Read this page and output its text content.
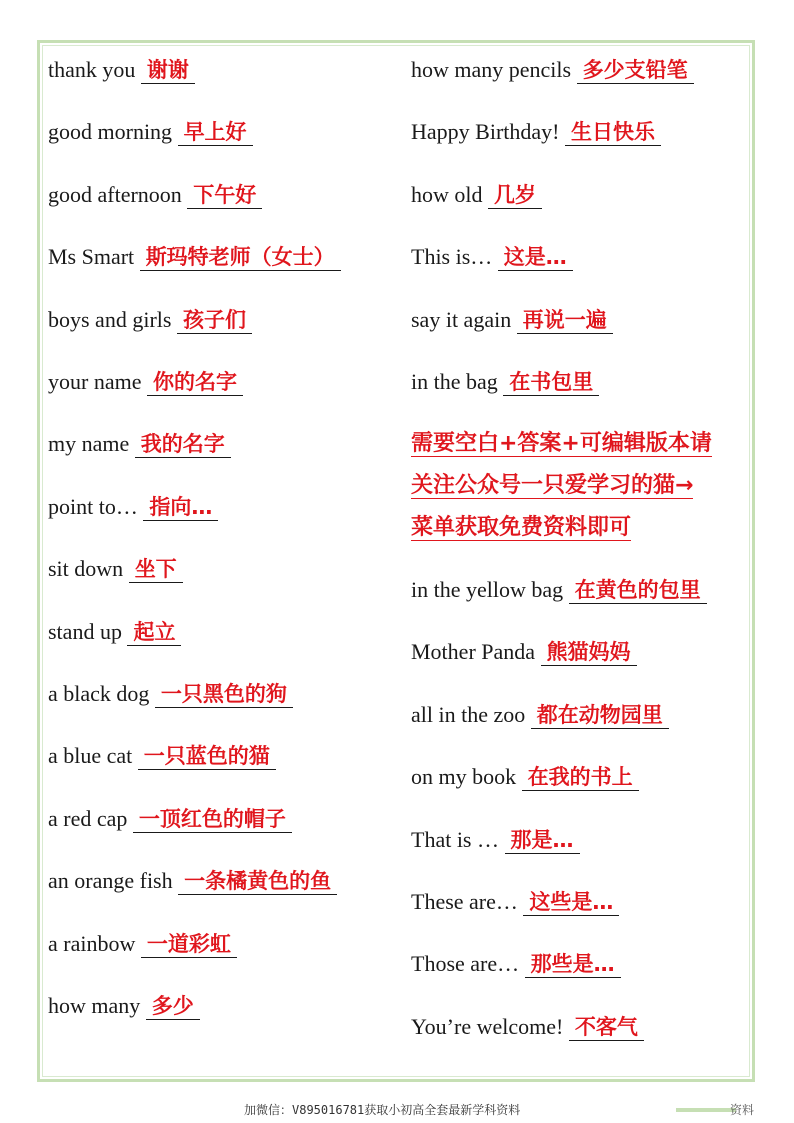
thank you 谢谢
good morning 早上好
good afternoon 下午好
Ms Smart 斯玛特老师（女士）
boys and girls 孩子们
your name 你的名字
my name 我的名字
point to… 指向…
sit down 坐下
stand up 起立
a black dog 一只黑色的狗
a blue cat 一只蓝色的猫
a red cap 一顶红色的帽子
an orange fish 一条橘黄色的鱼
a rainbow 一道彩虹
how many 多少
how many pencils 多少支铅笔
Happy Birthday! 生日快乐
how old 几岁
This is… 这是…
say it again 再说一遍
in the bag 在书包里
需要空白+答案+可编辑版本请
关注公众号一只爱学习的猫→
菜单获取免费资料即可
in the yellow bag 在黄色的包里
Mother Panda 熊猫妈妈
all in the zoo 都在动物园里
on my book 在我的书上
That is … 那是…
These are… 这些是…
Those are… 那些是…
You’re welcome! 不客气
加微信：V895016781获取小初高全套最新学科资料	资料
